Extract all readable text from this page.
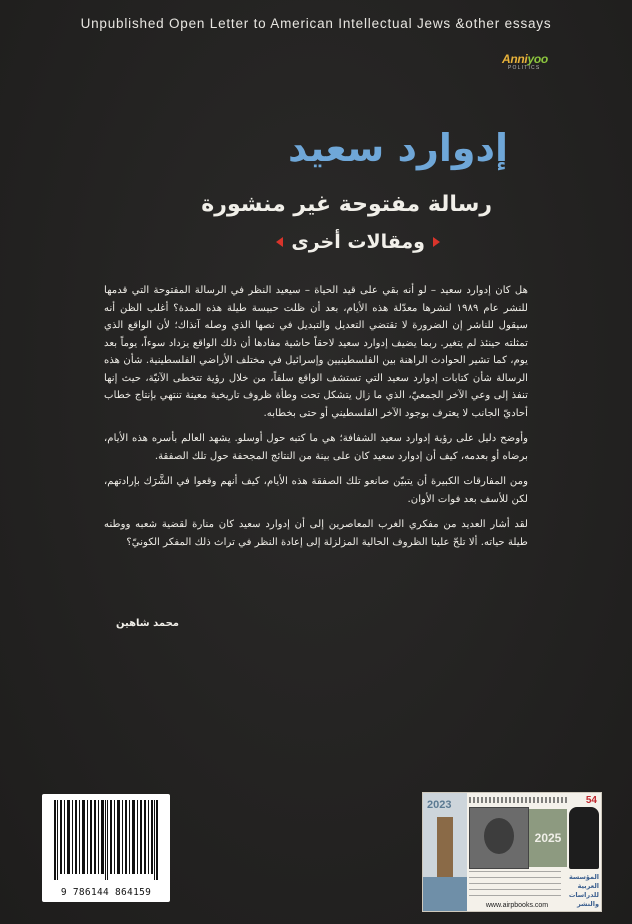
Unpublished Open Letter to American Intellectual Jews &other essays
Anniyoo
POLITICS
إدوارد سعيد
رسالة مفتوحة غير منشورة
ومقالات أخرى

هل كان إدوارد سعيد – لو أنه بقي على قيد الحياة – سيعيد النظر في الرسالة المفتوحة التي قدمها للنشر عام ١٩٨٩ لنشرها معدّلة هذه الأيام، بعد أن ظلت حبيسة طيلة هذه المدة؟ أغلب الظن أنه سيقول للناشر إن الضرورة لا تقتضي التعديل والتبديل في نصها الذي وصله آنذاك؛ لأن الواقع الذي تمثلته حينئذ لم يتغير. ربما يضيف إدوارد سعيد لاحقاً حاشية مفادها أن ذلك الواقع يزداد سوءاً، يوماً بعد يوم، كما تشير الحوادث الراهنة بين الفلسطينيين وإسرائيل في مختلف الأراضي الفلسطينية. شأن هذه الرسالة شأن كتابات إدوارد سعيد التي تستشف الواقع سلفاً، من خلال رؤية تتخطى الآنيّة، حيث إنها تنفذ إلى وعي الآخر الجمعيّ، الذي ما زال يتشكل تحت وطأة ظروف تاريخية معينة تنتهي بإنتاج خطاب أحاديّ الجانب لا يعترف بوجود الآخر الفلسطيني أو حتى بخطابه.

وأوضح دليل على رؤية إدوارد سعيد الشفافة؛ هي ما كتبه حول أوسلو. يشهد العالم بأسره هذه الأيام، برضاه أو بعدمه، كيف أن إدوارد سعيد كان على بينة من النتائج المجحفة حول تلك الصفقة.

ومن المفارقات الكبيرة أن يتبيّن صانعو تلك الصفقة هذه الأيام، كيف أنهم وقعوا في الشَّرَك بإرادتهم، لكن للأسف بعد فوات الأوان.

لقد أشار العديد من مفكري الغرب المعاصرين إلى أن إدوارد سعيد كان منارة لقضية شعبه ووطنه طيلة حياته. ألا تلحّ علينا الظروف الحالية المزلزلة إلى إعادة النظر في تراث ذلك المفكر الكونيّ؟

محمد شاهين
9 786144 864159
2023	54
2025
المؤسسة العربية للدراسات والنشر
www.airpbooks.com
